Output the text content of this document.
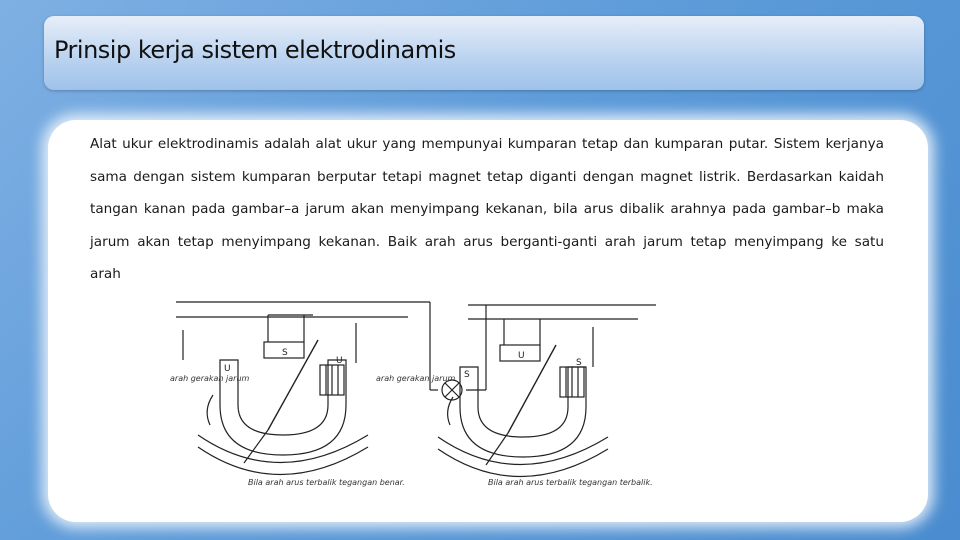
Prinsip kerja sistem elektrodinamis
Alat ukur elektrodinamis adalah alat ukur yang mempunyai kumparan tetap dan kumparan putar. Sistem kerjanya sama dengan sistem kumparan berputar tetapi magnet tetap diganti dengan magnet listrik. Berdasarkan kaidah tangan kanan pada gambar–a jarum akan menyimpang kekanan, bila arus dibalik arahnya pada gambar–b maka jarum akan tetap menyimpang kekanan. Baik arah arus berganti-ganti arah jarum tetap menyimpang ke satu arah
S
U
U	U
S
S
arah gerakan jarum	arah gerakan jarum
Bila arah arus terbalik tegangan benar.	Bila arah arus terbalik tegangan terbalik.
